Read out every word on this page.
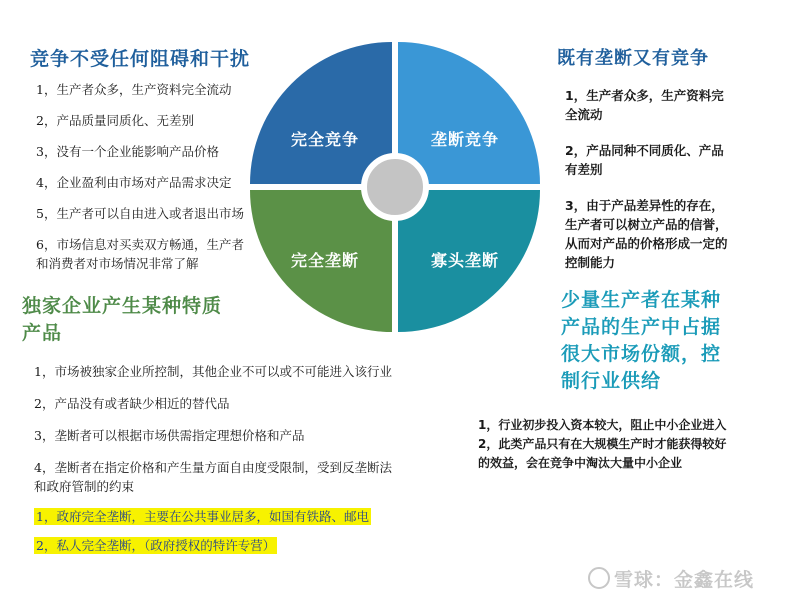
竞争不受任何阻碍和干扰
1，生产者众多，生产资料完全流动
2，产品质量同质化、无差别
3，没有一个企业能影响产品价格
4，企业盈利由市场对产品需求决定
5，生产者可以自由进入或者退出市场
6，市场信息对买卖双方畅通，生产者
和消费者对市场情况非常了解
独家企业产生某种特质
产品
1，市场被独家企业所控制，其他企业不可以或不可能进入该行业
2，产品没有或者缺少相近的替代品
3，垄断者可以根据市场供需指定理想价格和产品
4，垄断者在指定价格和产生量方面自由度受限制，受到反垄断法
和政府管制的约束
1，政府完全垄断，主要在公共事业居多，如国有铁路、邮电
2，私人完全垄断，（政府授权的特许专营）
完全竞争	垄断竞争
完全垄断	寡头垄断
既有垄断又有竞争
1，生产者众多，生产资料完
全流动
2，产品同种不同质化、产品
有差别
3，由于产品差异性的存在，
生产者可以树立产品的信誉，
从而对产品的价格形成一定的
控制能力
少量生产者在某种
产品的生产中占据
很大市场份额，控
制行业供给
1，行业初步投入资本较大，阻止中小企业进入
2，此类产品只有在大规模生产时才能获得较好
的效益，会在竞争中淘汰大量中小企业
雪球：金鑫在线
